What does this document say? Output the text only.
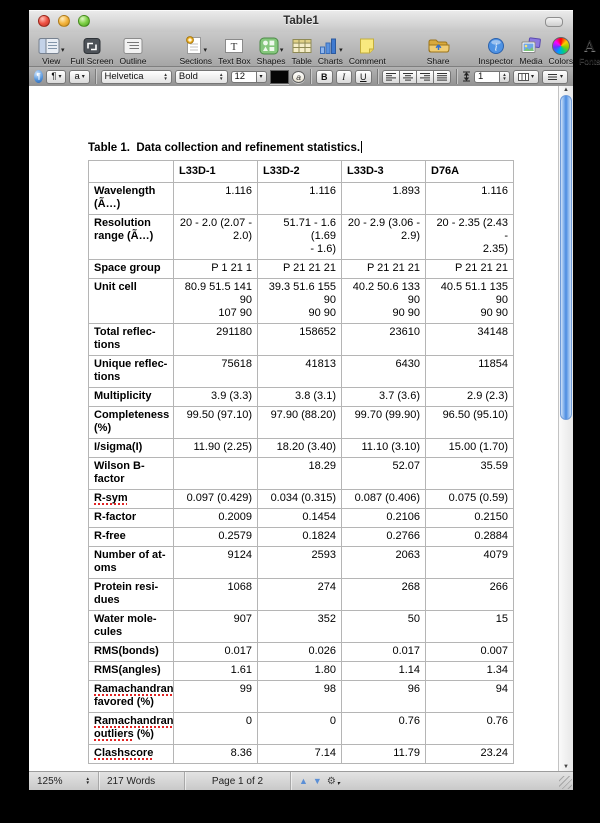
Table1
▾
View Full Screen Outline
▾
Sections
T
Text Box
▾
Shapes Table
▾
Charts Comment	Share
i
Inspector Media Colors
A
Fonts
¶ ¶ ▾ a ▾ Helvetica	▲
▼ Bold	▲
▼	12	▾	a	B	I	U	1	▲
▼	▾	▾
Table 1.  Data collection and refinement statistics.
	L33D-1	L33D-2	L33D-3	D76A
Wavelength
(Ã…)	1.116	1.116	1.893	1.116
Resolution
range (Ã…)	20 - 2.0 (2.07 -
2.0)	51.71 - 1.6 (1.69
- 1.6)	20 - 2.9 (3.06 -
2.9)	20 - 2.35 (2.43 -
2.35)
Space group	P 1 21 1	P 21 21 21	P 21 21 21	P 21 21 21
Unit cell	80.9 51.5 141 90
107 90	39.3 51.6 155 90
90 90	40.2 50.6 133 90
90 90	40.5 51.1 135 90
90 90
Total reflec-
tions	291180	158652	23610	34148
Unique reflec-
tions	75618	41813	6430	11854
Multiplicity	3.9 (3.3)	3.8 (3.1)	3.7 (3.6)	2.9 (2.3)
Completeness
(%)	99.50 (97.10)	97.90 (88.20)	99.70 (99.90)	96.50 (95.10)
I/sigma(I)	11.90 (2.25)	18.20 (3.40)	11.10 (3.10)	15.00 (1.70)
Wilson B-
factor		18.29	52.07	35.59
R-sym	0.097 (0.429)	0.034 (0.315)	0.087 (0.406)	0.075 (0.59)
R-factor	0.2009	0.1454	0.2106	0.2150
R-free	0.2579	0.1824	0.2766	0.2884
Number of at-
oms	9124	2593	2063	4079
Protein resi-
dues	1068	274	268	266
Water mole-
cules	907	352	50	15
RMS(bonds)	0.017	0.026	0.017	0.007
RMS(angles)	1.61	1.80	1.14	1.34
Ramachandran
favored (%)	99	98	96	94
Ramachandran
outliers (%)	0	0	0.76	0.76
Clashscore	8.36	7.14	11.79	23.24
▲
▼
125%	▲
▼ 217 Words	Page 1 of 2	▲ ▼ ⚙ ▾
